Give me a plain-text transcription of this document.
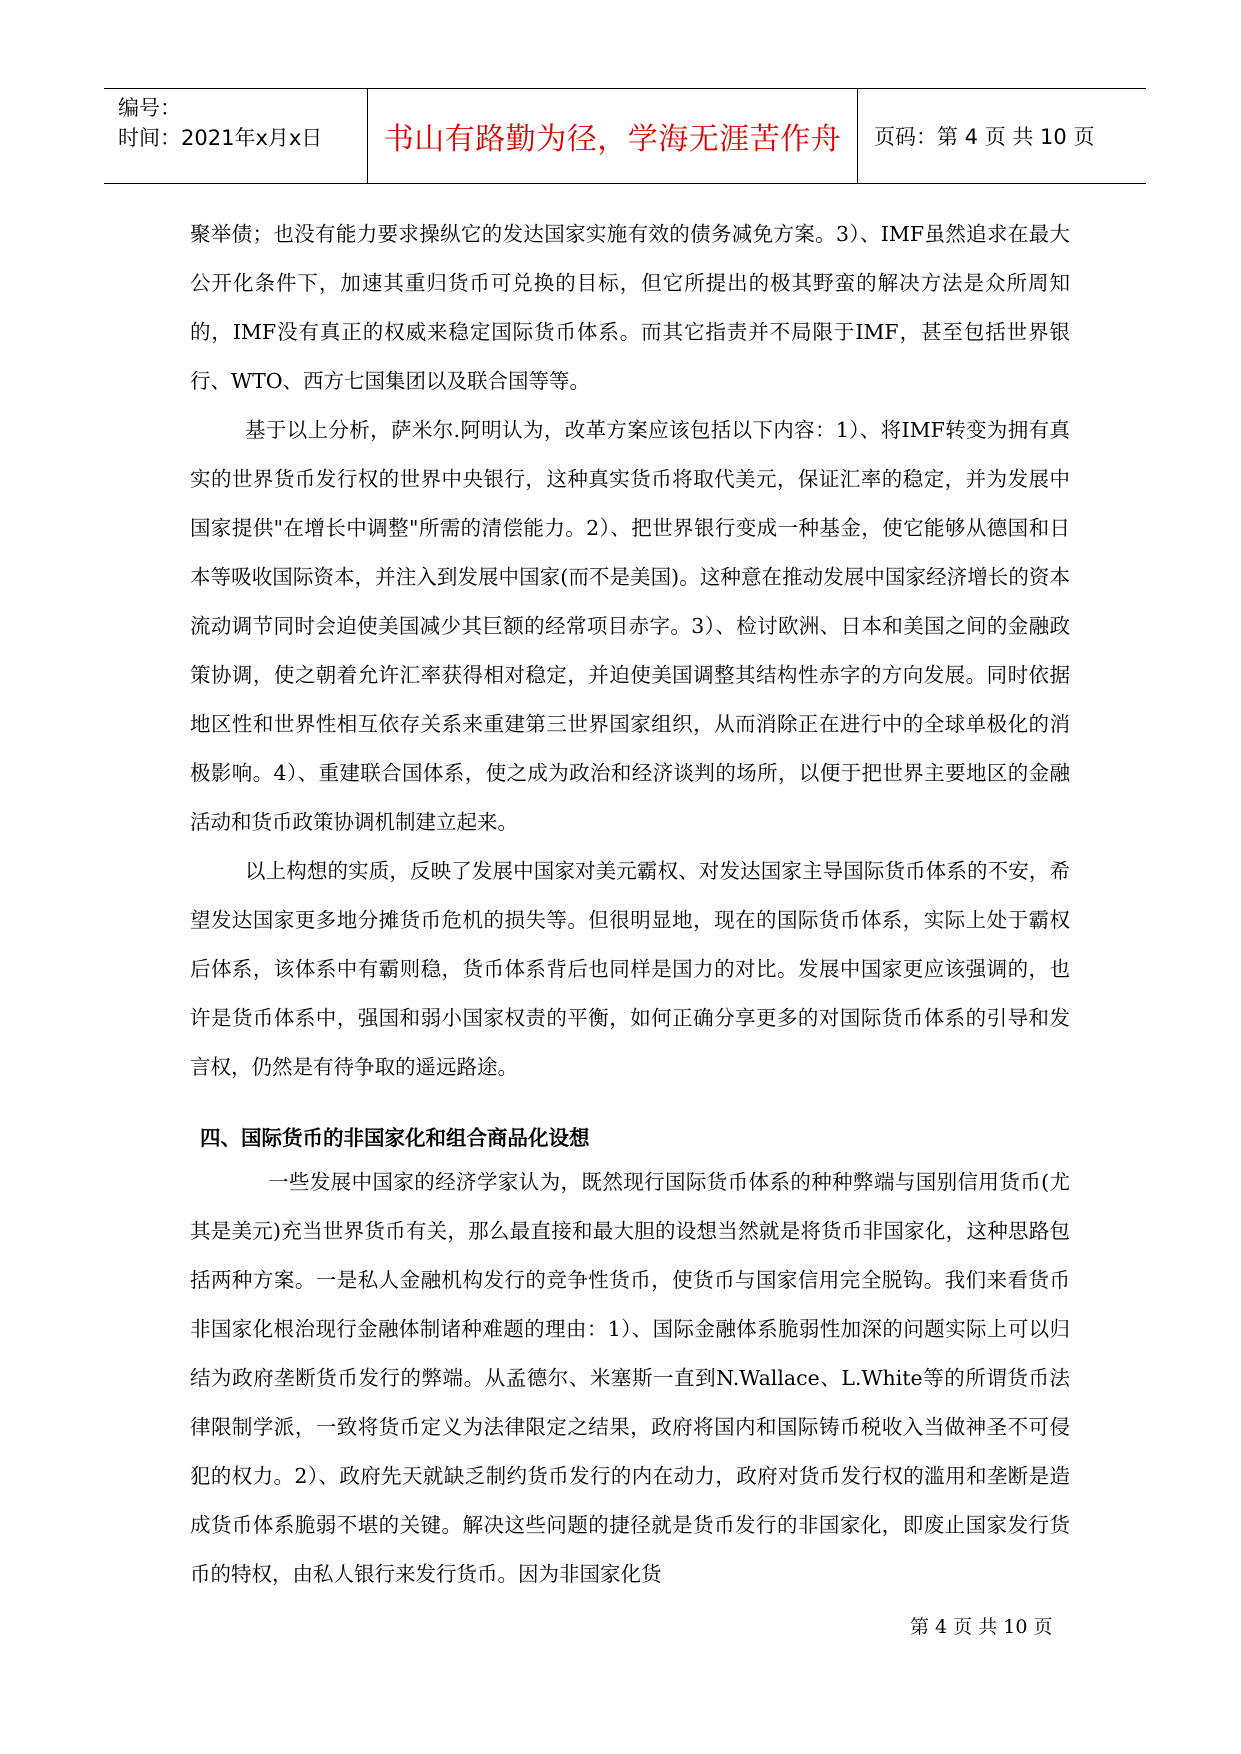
编号：
时间：2021年x月x日	书山有路勤为径，学海无涯苦作舟 页码：第 4 页 共 10 页

聚举债；也没有能力要求操纵它的发达国家实施有效的债务减免方案。3）、IMF虽然追求在最大公开化条件下，加速其重归货币可兑换的目标，但它所提出的极其野蛮的解决方法是众所周知的，IMF没有真正的权威来稳定国际货币体系。而其它指责并不局限于IMF，甚至包括世界银行、WTO、西方七国集团以及联合国等等。

基于以上分析，萨米尔.阿明认为，改革方案应该包括以下内容：1）、将IMF转变为拥有真实的世界货币发行权的世界中央银行，这种真实货币将取代美元，保证汇率的稳定，并为发展中国家提供"在增长中调整"所需的清偿能力。2）、把世界银行变成一种基金，使它能够从德国和日本等吸收国际资本，并注入到发展中国家(而不是美国)。这种意在推动发展中国家经济增长的资本流动调节同时会迫使美国减少其巨额的经常项目赤字。3）、检讨欧洲、日本和美国之间的金融政策协调，使之朝着允许汇率获得相对稳定，并迫使美国调整其结构性赤字的方向发展。同时依据地区性和世界性相互依存关系来重建第三世界国家组织，从而消除正在进行中的全球单极化的消极影响。4）、重建联合国体系，使之成为政治和经济谈判的场所，以便于把世界主要地区的金融活动和货币政策协调机制建立起来。

以上构想的实质，反映了发展中国家对美元霸权、对发达国家主导国际货币体系的不安，希望发达国家更多地分摊货币危机的损失等。但很明显地，现在的国际货币体系，实际上处于霸权后体系，该体系中有霸则稳，货币体系背后也同样是国力的对比。发展中国家更应该强调的，也许是货币体系中，强国和弱小国家权责的平衡，如何正确分享更多的对国际货币体系的引导和发言权，仍然是有待争取的遥远路途。

四、国际货币的非国家化和组合商品化设想

一些发展中国家的经济学家认为，既然现行国际货币体系的种种弊端与国别信用货币(尤其是美元)充当世界货币有关，那么最直接和最大胆的设想当然就是将货币非国家化，这种思路包括两种方案。一是私人金融机构发行的竞争性货币，使货币与国家信用完全脱钩。我们来看货币非国家化根治现行金融体制诸种难题的理由：1）、国际金融体系脆弱性加深的问题实际上可以归结为政府垄断货币发行的弊端。从孟德尔、米塞斯一直到N.Wallace、L.White等的所谓货币法律限制学派，一致将货币定义为法律限定之结果，政府将国内和国际铸币税收入当做神圣不可侵犯的权力。2）、政府先天就缺乏制约货币发行的内在动力，政府对货币发行权的滥用和垄断是造成货币体系脆弱不堪的关键。解决这些问题的捷径就是货币发行的非国家化，即废止国家发行货币的特权，由私人银行来发行货币。因为非国家化货

第 4 页 共 10 页
